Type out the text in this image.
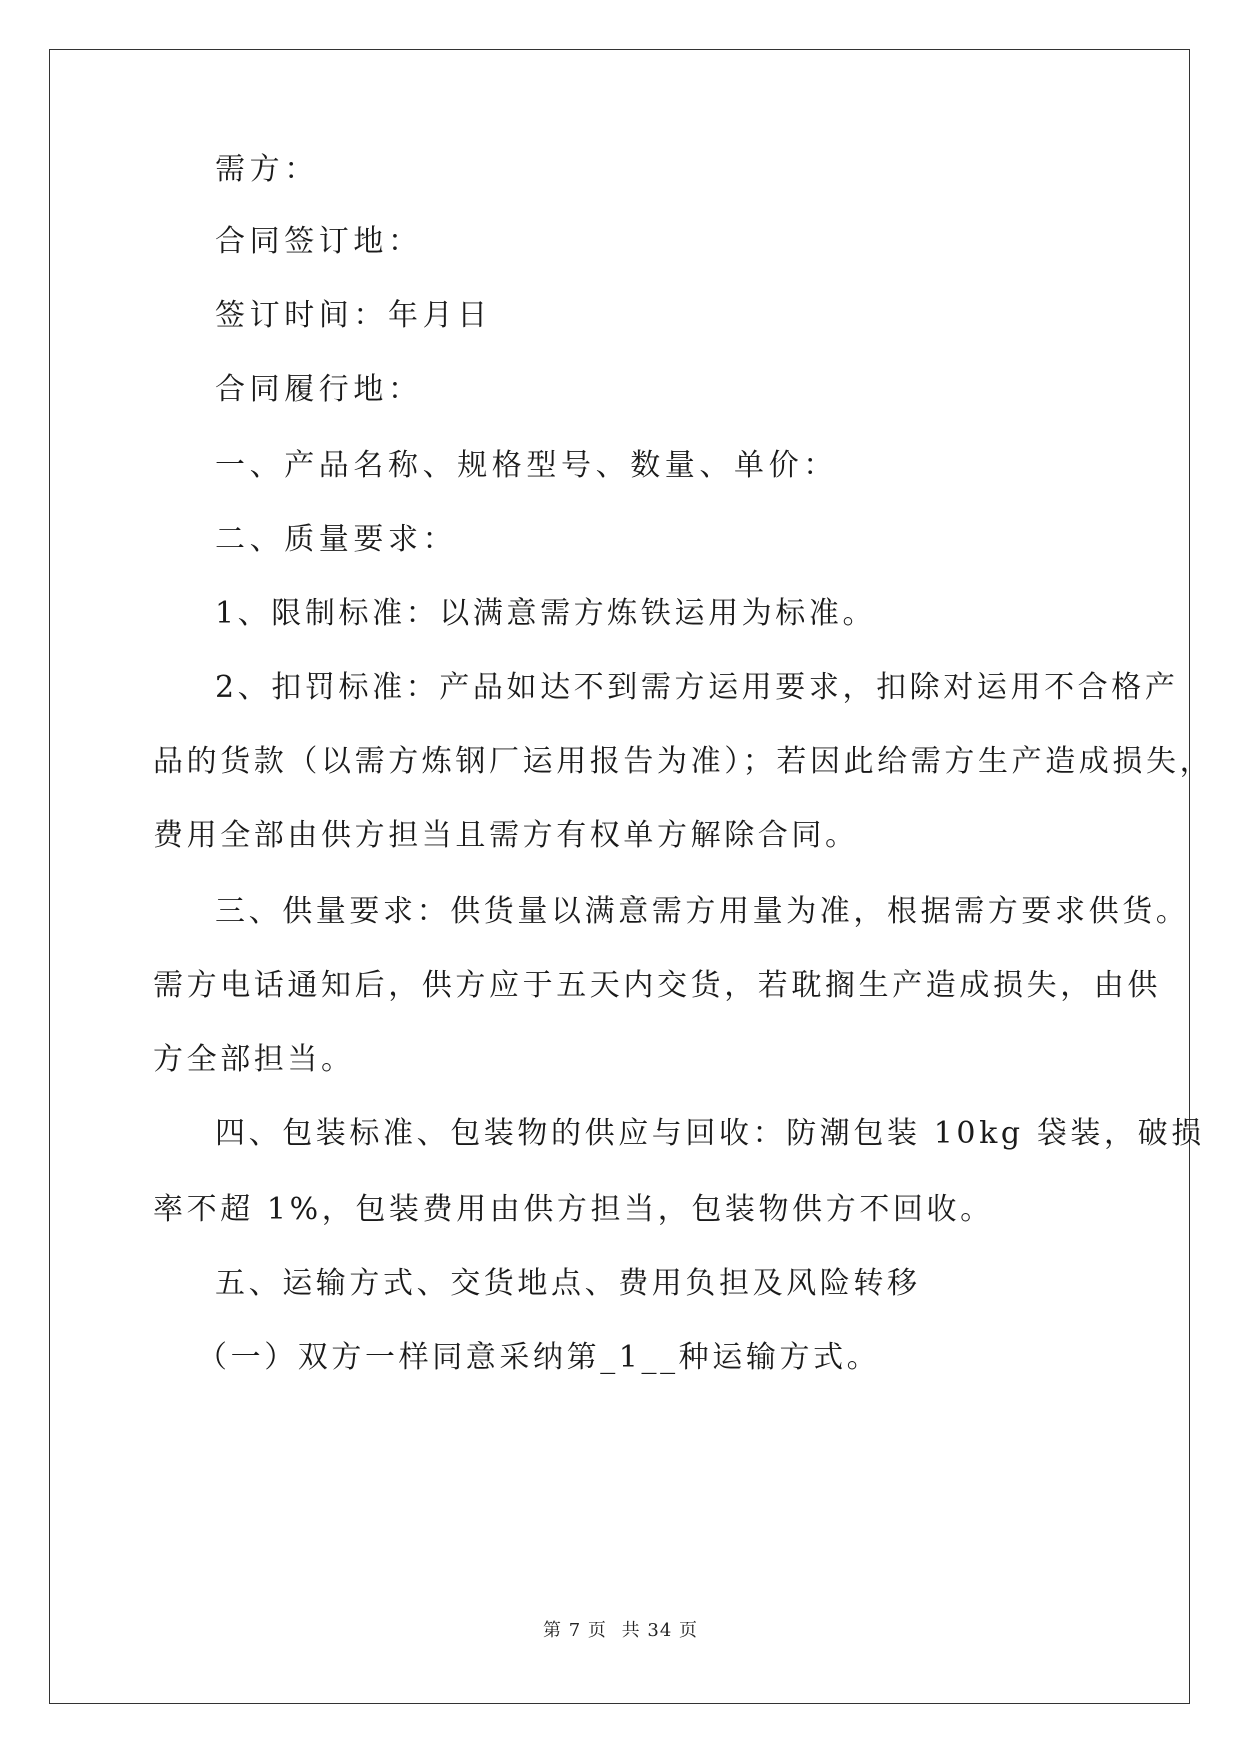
需方：
合同签订地：
签订时间：年月日
合同履行地：
一、产品名称、规格型号、数量、单价：
二、质量要求：
1、限制标准：以满意需方炼铁运用为标准。
2、扣罚标准：产品如达不到需方运用要求，扣除对运用不合格产
品的货款（以需方炼钢厂运用报告为准）；若因此给需方生产造成损失，
费用全部由供方担当且需方有权单方解除合同。
三、供量要求：供货量以满意需方用量为准，根据需方要求供货。
需方电话通知后，供方应于五天内交货，若耽搁生产造成损失，由供
方全部担当。
四、包装标准、包装物的供应与回收：防潮包装 10kg 袋装，破损
率不超 1%，包装费用由供方担当，包装物供方不回收。
五、运输方式、交货地点、费用负担及风险转移
（一）双方一样同意采纳第_1__种运输方式。
第 7 页 共 34 页
